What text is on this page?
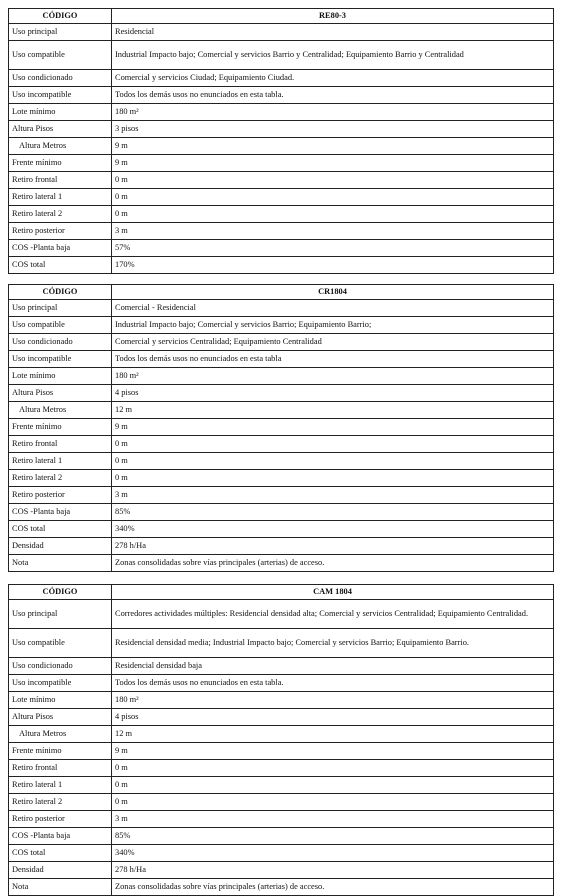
CÓDIGO	RE80-3
Uso principal	Residencial
Uso compatible	Industrial Impacto bajo; Comercial y servicios Barrio y Centralidad; Equipamiento Barrio y Centralidad
Uso condicionado	Comercial y servicios Ciudad; Equipamiento Ciudad.
Uso incompatible	Todos los demás usos no enunciados en esta tabla.
Lote mínimo	180 m²
Altura Pisos	3 pisos
Altura Metros	9 m
Frente mínimo	9 m
Retiro frontal	0 m
Retiro lateral 1	0 m
Retiro lateral 2	0 m
Retiro posterior	3 m
COS -Planta baja	57%
COS total	170%
CÓDIGO	CR1804
Uso principal	Comercial - Residencial
Uso compatible	Industrial Impacto bajo; Comercial y servicios Barrio; Equipamiento Barrio;
Uso condicionado	Comercial y servicios Centralidad; Equipamiento Centralidad
Uso incompatible	Todos los demás usos no enunciados en esta tabla
Lote mínimo	180 m²
Altura Pisos	4 pisos
Altura Metros	12 m
Frente mínimo	9 m
Retiro frontal	0 m
Retiro lateral 1	0 m
Retiro lateral 2	0 m
Retiro posterior	3 m
COS -Planta baja	85%
COS total	340%
Densidad	278 h/Ha
Nota	Zonas consolidadas sobre vías principales (arterias) de acceso.
CÓDIGO	CAM 1804
Uso principal	Corredores actividades múltiples: Residencial densidad alta; Comercial y servicios Centralidad; Equipamiento Centralidad.
Uso compatible	Residencial densidad media; Industrial Impacto bajo; Comercial y servicios Barrio; Equipamiento Barrio.
Uso condicionado	Residencial densidad baja
Uso incompatible	Todos los demás usos no enunciados en esta tabla.
Lote mínimo	180 m²
Altura Pisos	4 pisos
Altura Metros	12 m
Frente mínimo	9 m
Retiro frontal	0 m
Retiro lateral 1	0 m
Retiro lateral 2	0 m
Retiro posterior	3 m
COS -Planta baja	85%
COS total	340%
Densidad	278 h/Ha
Nota	Zonas consolidadas sobre vías principales (arterias) de acceso.
